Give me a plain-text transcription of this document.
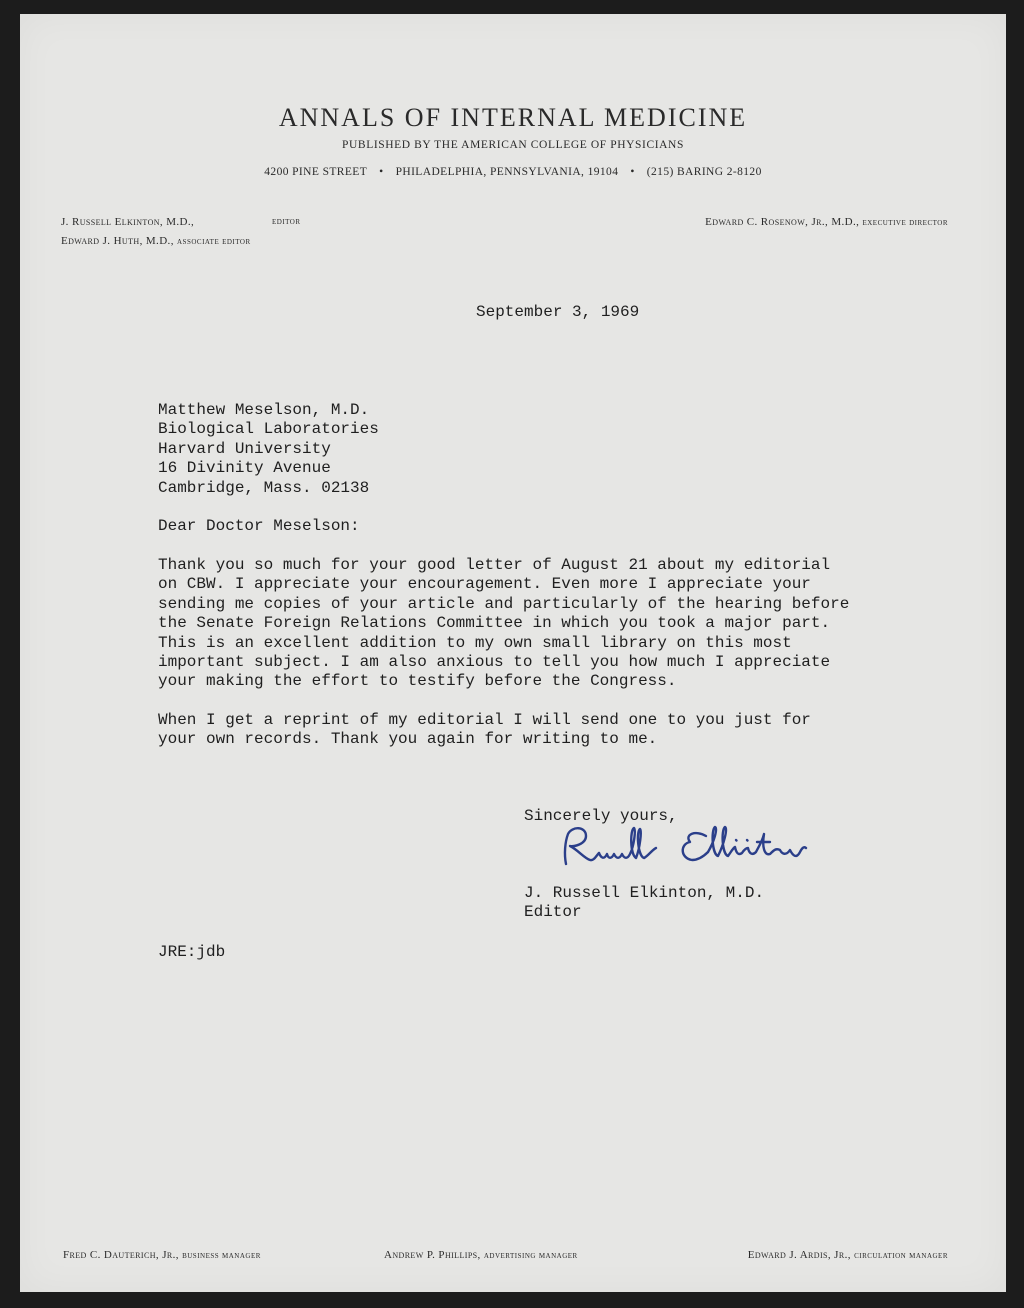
ANNALS OF INTERNAL MEDICINE
PUBLISHED BY THE AMERICAN COLLEGE OF PHYSICIANS
4200 PINE STREET • PHILADELPHIA, PENNSYLVANIA, 19104 • (215) BARING 2-8120
J. Russell Elkinton, M.D.,	editor
Edward J. Huth, M.D., associate editor
Edward C. Rosenow, Jr., M.D., executive director
September 3, 1969
Matthew Meselson, M.D.
Biological Laboratories
Harvard University
16 Divinity Avenue
Cambridge, Mass. 02138
Dear Doctor Meselson:
Thank you so much for your good letter of August 21 about my editorial
on CBW. I appreciate your encouragement. Even more I appreciate your
sending me copies of your article and particularly of the hearing before
the Senate Foreign Relations Committee in which you took a major part.
This is an excellent addition to my own small library on this most
important subject. I am also anxious to tell you how much I appreciate
your making the effort to testify before the Congress.
When I get a reprint of my editorial I will send one to you just for
your own records. Thank you again for writing to me.
Sincerely yours,
J. Russell Elkinton, M.D.
Editor
JRE:jdb
Fred C. Dauterich, Jr., business manager	Andrew P. Phillips, advertising manager	Edward J. Ardis, Jr., circulation manager
